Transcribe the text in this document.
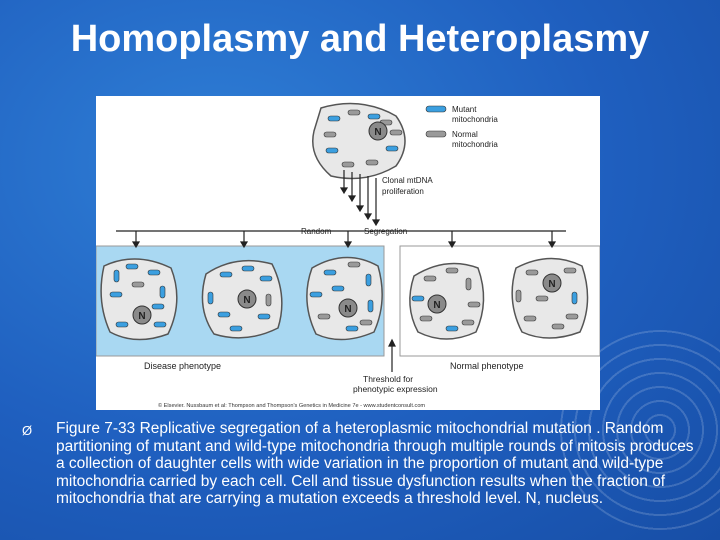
Homoplasmy and Heteroplasmy
N
Mutant
mitochondria
Normal
mitochondria
Clonal mtDNA
proliferation
Random	Segregation
N
N
N	N
N
Disease phenotype	Normal phenotype
Threshold for
phenotypic expression
© Elsevier. Nussbaum et al: Thompson and Thompson's Genetics in Medicine 7e - www.studentconsult.com
Ø	Figure 7-33 Replicative segregation of a heteroplasmic mitochondrial mutation . Random partitioning of mutant and wild-type mitochondria through multiple rounds of mitosis produces a collection of daughter cells with wide variation in the proportion of mutant and wild-type mitochondria carried by each cell. Cell and tissue dysfunction results when the fraction of mitochondria that are carrying a mutation exceeds a threshold level. N, nucleus.
